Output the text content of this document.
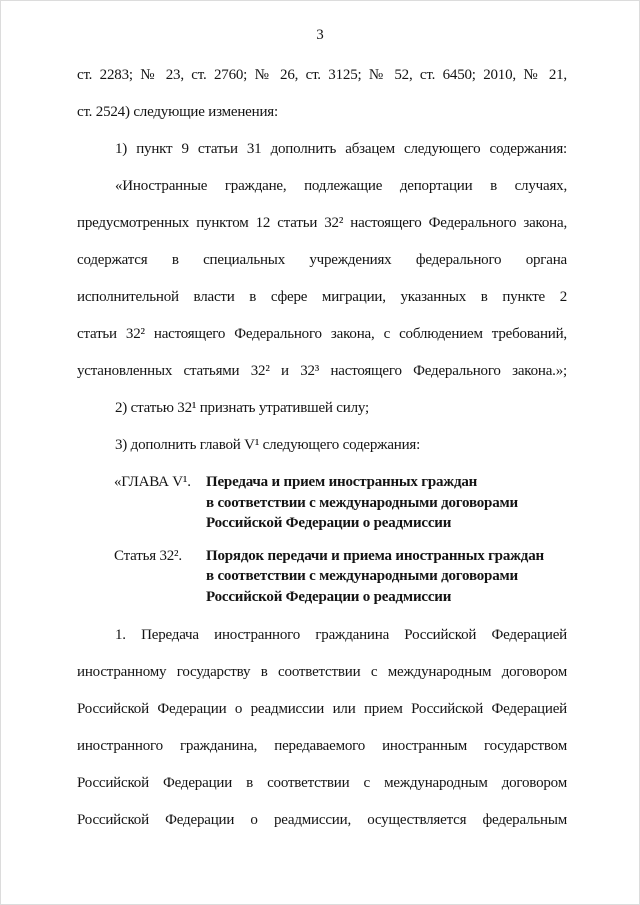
3
ст. 2283; № 23, ст. 2760; № 26, ст. 3125; № 52, ст. 6450; 2010, № 21,
ст. 2524) следующие изменения:
1) пункт 9 статьи 31 дополнить абзацем следующего содержания:
«Иностранные граждане, подлежащие депортации в случаях,
предусмотренных пунктом 12 статьи 32² настоящего Федерального закона,
содержатся в специальных учреждениях федерального органа
исполнительной власти в сфере миграции, указанных в пункте 2
статьи 32² настоящего Федерального закона, с соблюдением требований,
установленных статьями 32² и 32³ настоящего Федерального закона.»;
2) статью 32¹ признать утратившей силу;
3) дополнить главой V¹ следующего содержания:
«ГЛАВА V¹.	Передача и прием иностранных граждан
в соответствии с международными договорами
Российской Федерации о реадмиссии
Статья 32².	Порядок передачи и приема иностранных граждан
в соответствии с международными договорами
Российской Федерации о реадмиссии
1. Передача иностранного гражданина Российской Федерацией
иностранному государству в соответствии с международным договором
Российской Федерации о реадмиссии или прием Российской Федерацией
иностранного гражданина, передаваемого иностранным государством
Российской Федерации в соответствии с международным договором
Российской Федерации о реадмиссии, осуществляется федеральным
